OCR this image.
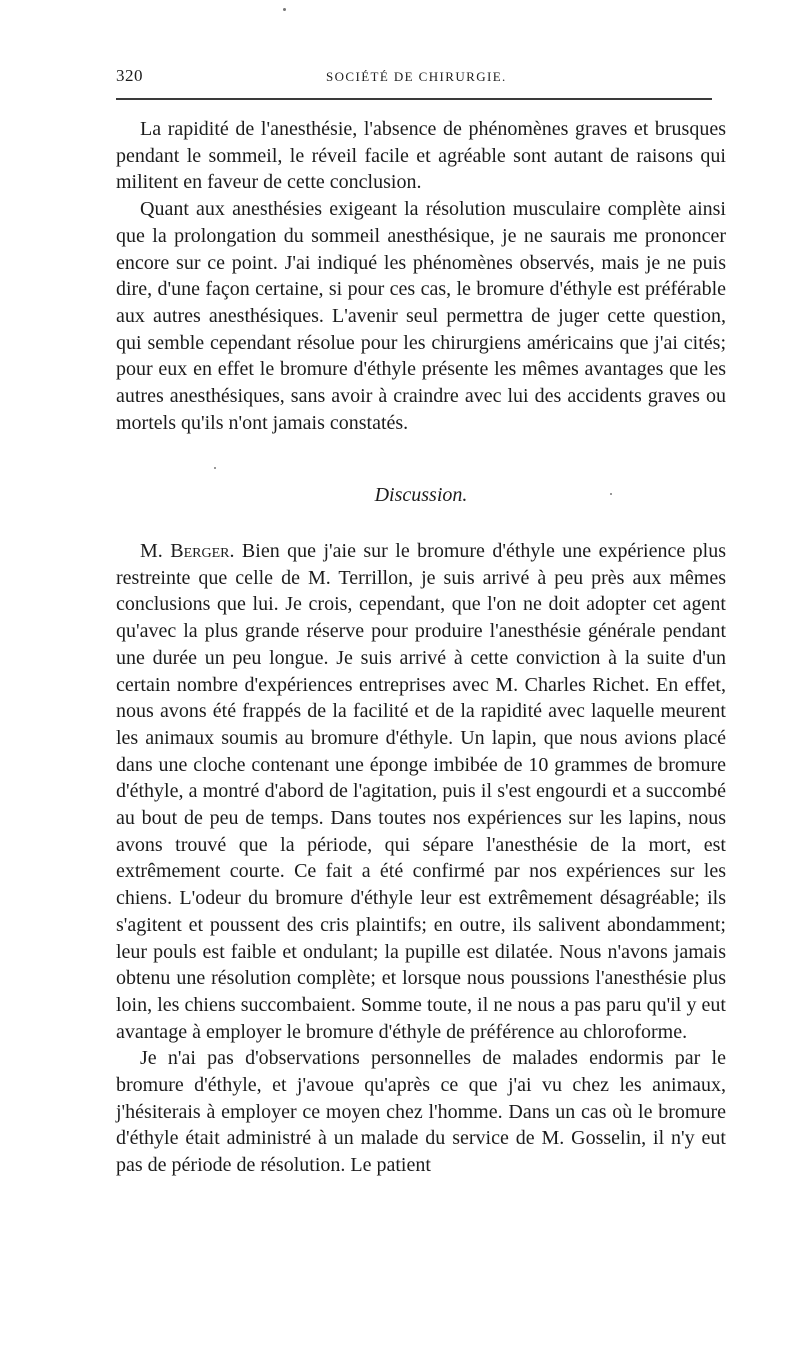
320	SOCIÉTÉ DE CHIRURGIE.

La rapidité de l'anesthésie, l'absence de phénomènes graves et brusques pendant le sommeil, le réveil facile et agréable sont autant de raisons qui militent en faveur de cette conclusion.

Quant aux anesthésies exigeant la résolution musculaire complète ainsi que la prolongation du sommeil anesthésique, je ne saurais me prononcer encore sur ce point. J'ai indiqué les phénomènes observés, mais je ne puis dire, d'une façon certaine, si pour ces cas, le bromure d'éthyle est préférable aux autres anesthésiques. L'avenir seul permettra de juger cette question, qui semble cependant résolue pour les chirurgiens américains que j'ai cités; pour eux en effet le bromure d'éthyle présente les mêmes avantages que les autres anesthésiques, sans avoir à craindre avec lui des accidents graves ou mortels qu'ils n'ont jamais constatés.

Discussion.

M. Berger. Bien que j'aie sur le bromure d'éthyle une expérience plus restreinte que celle de M. Terrillon, je suis arrivé à peu près aux mêmes conclusions que lui. Je crois, cependant, que l'on ne doit adopter cet agent qu'avec la plus grande réserve pour produire l'anesthésie générale pendant une durée un peu longue. Je suis arrivé à cette conviction à la suite d'un certain nombre d'expériences entreprises avec M. Charles Richet. En effet, nous avons été frappés de la facilité et de la rapidité avec laquelle meurent les animaux soumis au bromure d'éthyle. Un lapin, que nous avions placé dans une cloche contenant une éponge imbibée de 10 grammes de bromure d'éthyle, a montré d'abord de l'agitation, puis il s'est engourdi et a succombé au bout de peu de temps. Dans toutes nos expériences sur les lapins, nous avons trouvé que la période, qui sépare l'anesthésie de la mort, est extrêmement courte. Ce fait a été confirmé par nos expériences sur les chiens. L'odeur du bromure d'éthyle leur est extrêmement désagréable; ils s'agitent et poussent des cris plaintifs; en outre, ils salivent abondamment; leur pouls est faible et ondulant; la pupille est dilatée. Nous n'avons jamais obtenu une résolution complète; et lorsque nous poussions l'anesthésie plus loin, les chiens succombaient. Somme toute, il ne nous a pas paru qu'il y eut avantage à employer le bromure d'éthyle de préférence au chloroforme.

Je n'ai pas d'observations personnelles de malades endormis par le bromure d'éthyle, et j'avoue qu'après ce que j'ai vu chez les animaux, j'hésiterais à employer ce moyen chez l'homme. Dans un cas où le bromure d'éthyle était administré à un malade du service de M. Gosselin, il n'y eut pas de période de résolution. Le patient
